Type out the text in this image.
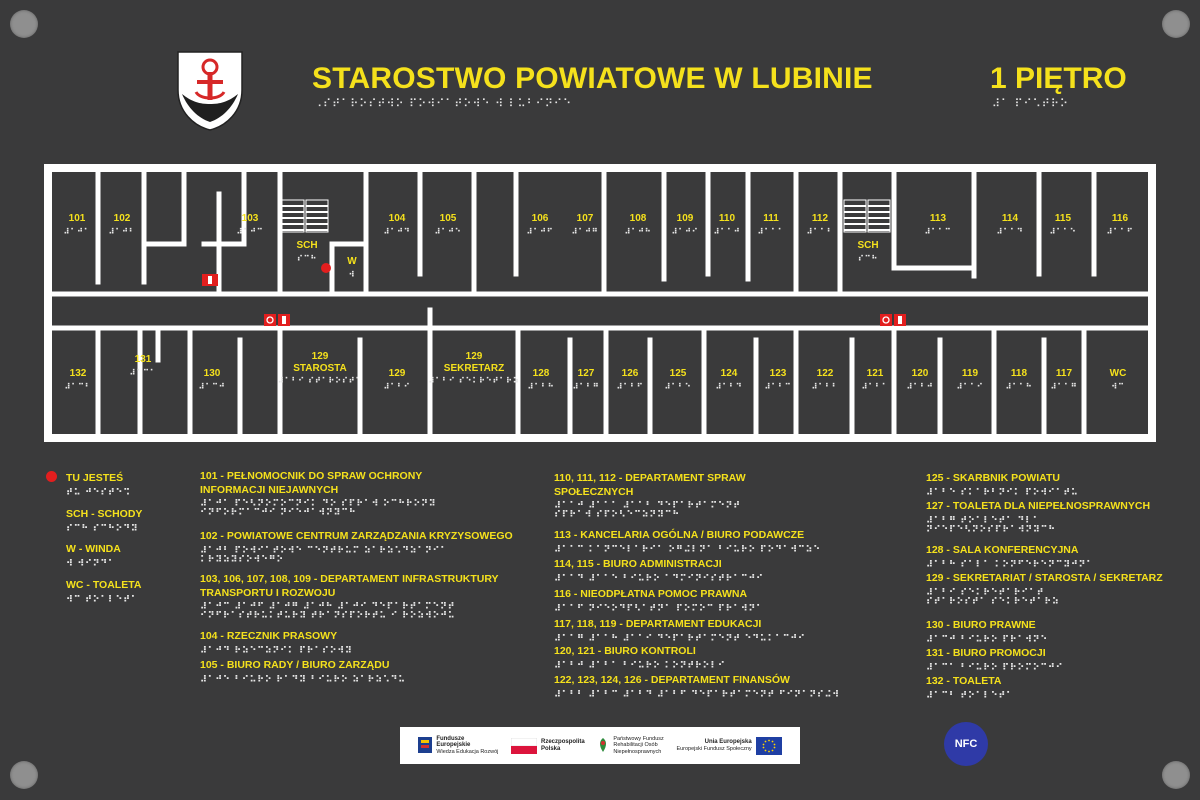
STAROSTWO POWIATOWE W LUBINIE
⠠⠎⠞⠁⠗⠕⠎⠞⠺⠕ ⠏⠕⠺⠊⠁⠞⠕⠺⠑ ⠺ ⠇⠥⠃⠊⠝⠊⠑
1 PIĘTRO
⠼⠁ ⠏⠊⠡⠞⠗⠕
101
⠼⠁⠚⠁
102
⠼⠁⠚⠃
103
⠼⠁⠚⠉
SCH
⠎⠉⠓	W
⠺
104
⠼⠁⠚⠙
105
⠼⠁⠚⠑
106
⠼⠁⠚⠋
107
⠼⠁⠚⠛
108
⠼⠁⠚⠓
109
⠼⠁⠚⠊
110
⠼⠁⠁⠚
111
⠼⠁⠁⠁
112
⠼⠁⠁⠃
SCH
⠎⠉⠓
113
⠼⠁⠁⠉
114
⠼⠁⠁⠙
115
⠼⠁⠁⠑
116
⠼⠁⠁⠋
132
⠼⠁⠉⠃
131
⠼⠁⠉⠁	130
⠼⠁⠉⠚
129
STAROSTA
⠼⠁⠃⠊ ⠎⠞⠁⠗⠕⠎⠞⠁
129
⠼⠁⠃⠊
129
SEKRETARZ
⠼⠁⠃⠊ ⠎⠑⠅⠗⠑⠞⠁⠗⠵
128
⠼⠁⠃⠓
127
⠼⠁⠃⠛
126
⠼⠁⠃⠋
125
⠼⠁⠃⠑
124
⠼⠁⠃⠙
123
⠼⠁⠃⠉
122
⠼⠁⠃⠃
121
⠼⠁⠃⠁
120
⠼⠁⠃⠚
119
⠼⠁⠁⠊
118
⠼⠁⠁⠓
117
⠼⠁⠁⠛
WC
⠺⠉
TU JESTEŚ
⠞⠥ ⠚⠑⠎⠞⠑⠩
SCH - SCHODY
⠎⠉⠓ ⠎⠉⠓⠕⠙⠽
W - WINDA
⠺ ⠺⠊⠝⠙⠁
WC - TOALETA
⠺⠉ ⠞⠕⠁⠇⠑⠞⠁
101 - PEŁNOMOCNIK DO SPRAW OCHRONY
INFORMACJI NIEJAWNYCH
⠼⠁⠚⠁ ⠏⠑⠣⠝⠕⠍⠕⠉⠝⠊⠅ ⠙⠕ ⠎⠏⠗⠁⠺ ⠕⠉⠓⠗⠕⠝⠽
⠊⠝⠋⠕⠗⠍⠁⠉⠚⠊ ⠝⠊⠑⠚⠁⠺⠝⠽⠉⠓
102 - POWIATOWE CENTRUM ZARZĄDZANIA KRYZYSOWEGO
⠼⠁⠚⠃ ⠏⠕⠺⠊⠁⠞⠕⠺⠑ ⠉⠑⠝⠞⠗⠥⠍ ⠵⠁⠗⠵⠡⠙⠵⠁⠝⠊⠁
⠅⠗⠽⠵⠽⠎⠕⠺⠑⠛⠕
103, 106, 107, 108, 109 - DEPARTAMENT INFRASTRUKTURY
TRANSPORTU I ROZWOJU
⠼⠁⠚⠉ ⠼⠁⠚⠋ ⠼⠁⠚⠛ ⠼⠁⠚⠓ ⠼⠁⠚⠊ ⠙⠑⠏⠁⠗⠞⠁⠍⠑⠝⠞
⠊⠝⠋⠗⠁⠎⠞⠗⠥⠅⠞⠥⠗⠽ ⠞⠗⠁⠝⠎⠏⠕⠗⠞⠥ ⠊ ⠗⠕⠵⠺⠕⠚⠥
104 - RZECZNIK PRASOWY
⠼⠁⠚⠙ ⠗⠵⠑⠉⠵⠝⠊⠅ ⠏⠗⠁⠎⠕⠺⠽
105 - BIURO RADY / BIURO ZARZĄDU
⠼⠁⠚⠑ ⠃⠊⠥⠗⠕ ⠗⠁⠙⠽ ⠃⠊⠥⠗⠕ ⠵⠁⠗⠵⠡⠙⠥
110, 111, 112 - DEPARTAMENT SPRAW
SPOŁECZNYCH
⠼⠁⠁⠚ ⠼⠁⠁⠁ ⠼⠁⠁⠃ ⠙⠑⠏⠁⠗⠞⠁⠍⠑⠝⠞
⠎⠏⠗⠁⠺ ⠎⠏⠕⠣⠑⠉⠵⠝⠽⠉⠓
113 - KANCELARIA OGÓLNA / BIURO PODAWCZE
⠼⠁⠁⠉ ⠅⠁⠝⠉⠑⠇⠁⠗⠊⠁ ⠕⠛⠬⠇⠝⠁ ⠃⠊⠥⠗⠕ ⠏⠕⠙⠁⠺⠉⠵⠑
114, 115 - BIURO ADMINISTRACJI
⠼⠁⠁⠙ ⠼⠁⠁⠑ ⠃⠊⠥⠗⠕ ⠁⠙⠍⠊⠝⠊⠎⠞⠗⠁⠉⠚⠊
116 - NIEODPŁATNA POMOC PRAWNA
⠼⠁⠁⠋ ⠝⠊⠑⠕⠙⠏⠣⠁⠞⠝⠁ ⠏⠕⠍⠕⠉ ⠏⠗⠁⠺⠝⠁
117, 118, 119 - DEPARTAMENT EDUKACJI
⠼⠁⠁⠛ ⠼⠁⠁⠓ ⠼⠁⠁⠊ ⠙⠑⠏⠁⠗⠞⠁⠍⠑⠝⠞ ⠑⠙⠥⠅⠁⠉⠚⠊
120, 121 - BIURO KONTROLI
⠼⠁⠃⠚ ⠼⠁⠃⠁ ⠃⠊⠥⠗⠕ ⠅⠕⠝⠞⠗⠕⠇⠊
122, 123, 124, 126 - DEPARTAMENT FINANSÓW
⠼⠁⠃⠃ ⠼⠁⠃⠉ ⠼⠁⠃⠙ ⠼⠁⠃⠋ ⠙⠑⠏⠁⠗⠞⠁⠍⠑⠝⠞ ⠋⠊⠝⠁⠝⠎⠬⠺
125 - SKARBNIK POWIATU
⠼⠁⠃⠑ ⠎⠅⠁⠗⠃⠝⠊⠅ ⠏⠕⠺⠊⠁⠞⠥
127 - TOALETA DLA NIEPEŁNOSPRAWNYCH
⠼⠁⠃⠛ ⠞⠕⠁⠇⠑⠞⠁ ⠙⠇⠁
⠝⠊⠑⠏⠑⠣⠝⠕⠎⠏⠗⠁⠺⠝⠽⠉⠓
128 - SALA KONFERENCYJNA
⠼⠁⠃⠓ ⠎⠁⠇⠁ ⠅⠕⠝⠋⠑⠗⠑⠝⠉⠽⠚⠝⠁
129 - SEKRETARIAT / STAROSTA / SEKRETARZ
⠼⠁⠃⠊ ⠎⠑⠅⠗⠑⠞⠁⠗⠊⠁⠞
⠎⠞⠁⠗⠕⠎⠞⠁ ⠎⠑⠅⠗⠑⠞⠁⠗⠵
130 - BIURO PRAWNE
⠼⠁⠉⠚ ⠃⠊⠥⠗⠕ ⠏⠗⠁⠺⠝⠑
131 - BIURO PROMOCJI
⠼⠁⠉⠁ ⠃⠊⠥⠗⠕ ⠏⠗⠕⠍⠕⠉⠚⠊
132 - TOALETA
⠼⠁⠉⠃ ⠞⠕⠁⠇⠑⠞⠁
Fundusze
Europejskie
Wiedza Edukacja Rozwój
Rzeczpospolita
Polska
Państwowy Fundusz
Rehabilitacji Osób
Niepełnosprawnych
Unia Europejska
Europejski Fundusz Społeczny	NFC
